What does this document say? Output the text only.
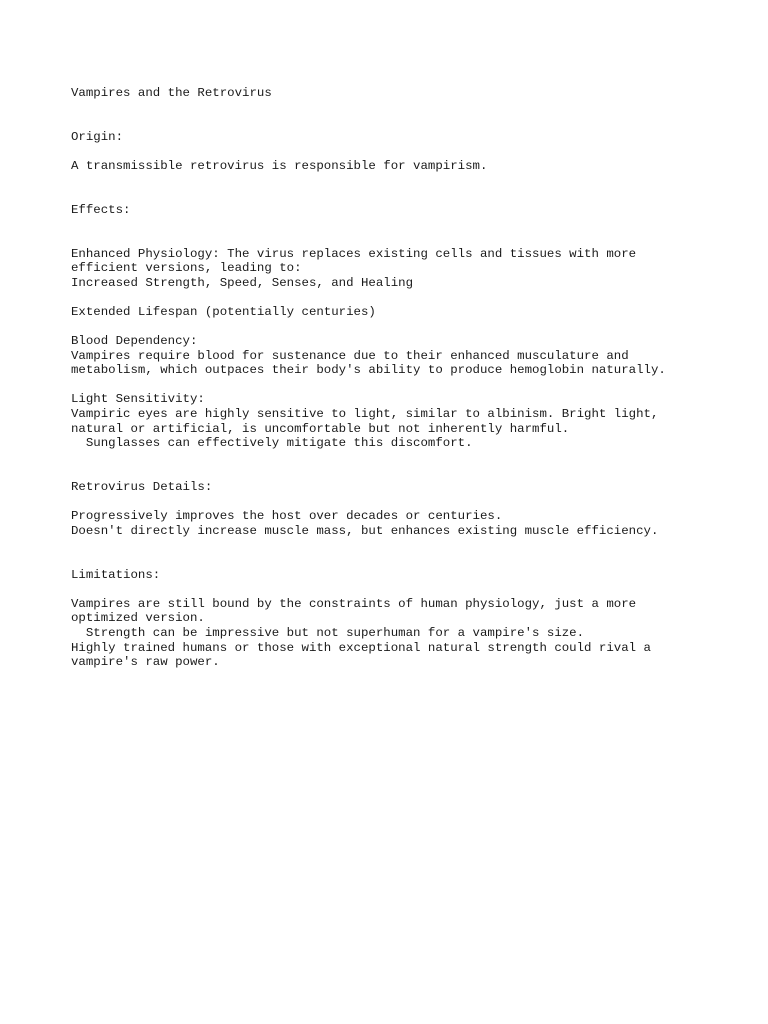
Vampires and the Retrovirus
Origin:
A transmissible retrovirus is responsible for vampirism.
Effects:
Enhanced Physiology: The virus replaces existing cells and tissues with more
efficient versions, leading to:
Increased Strength, Speed, Senses, and Healing
Extended Lifespan (potentially centuries)
Blood Dependency:
Vampires require blood for sustenance due to their enhanced musculature and
metabolism, which outpaces their body's ability to produce hemoglobin naturally.
Light Sensitivity:
Vampiric eyes are highly sensitive to light, similar to albinism. Bright light,
natural or artificial, is uncomfortable but not inherently harmful.
Sunglasses can effectively mitigate this discomfort.
Retrovirus Details:
Progressively improves the host over decades or centuries.
Doesn't directly increase muscle mass, but enhances existing muscle efficiency.
Limitations:
Vampires are still bound by the constraints of human physiology, just a more
optimized version.
Strength can be impressive but not superhuman for a vampire's size.
Highly trained humans or those with exceptional natural strength could rival a
vampire's raw power.
